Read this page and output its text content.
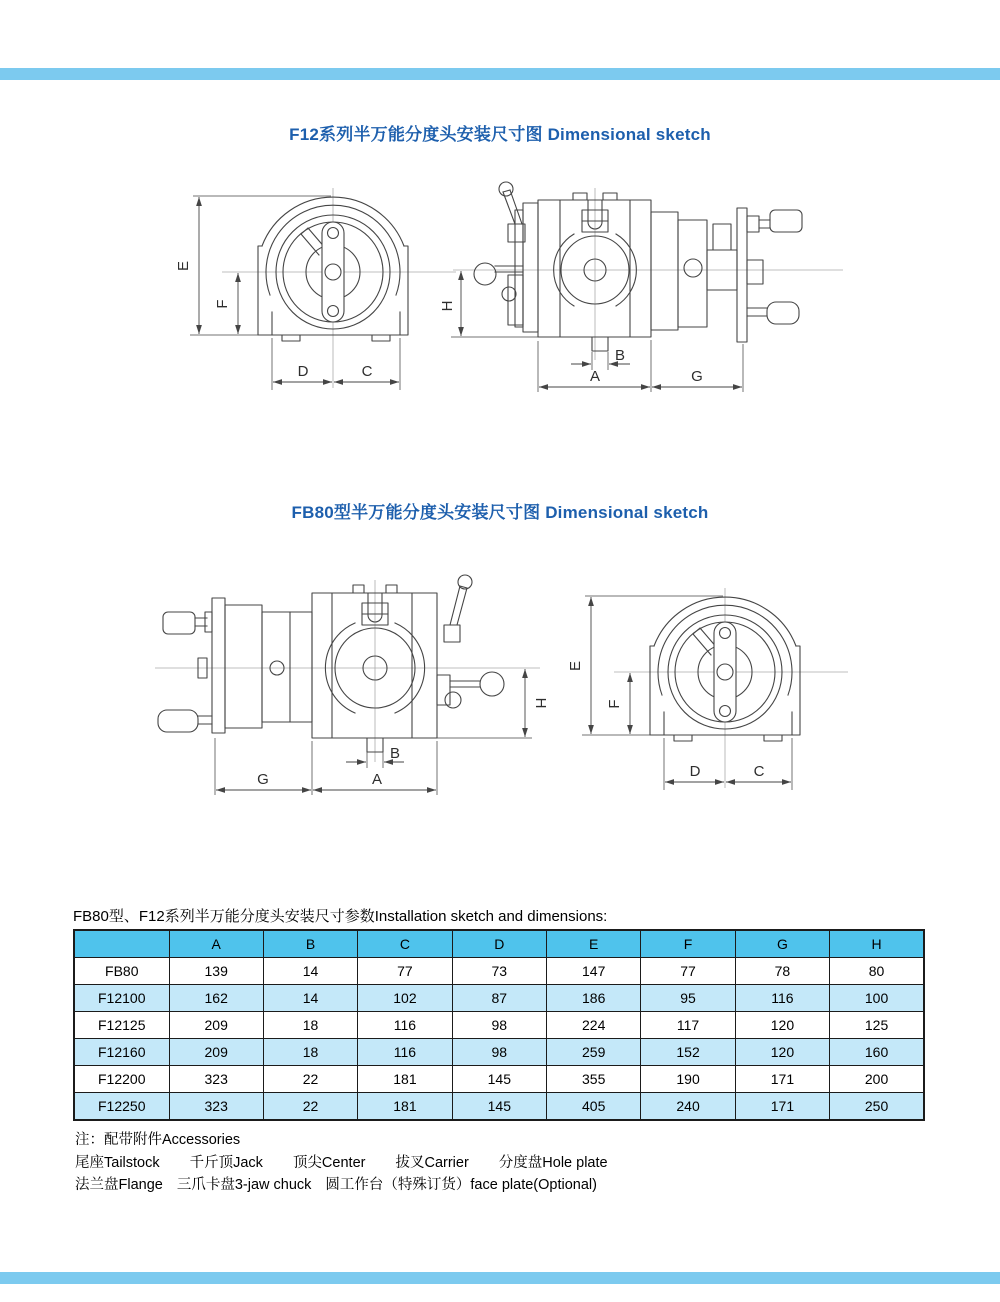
F12系列半万能分度头安装尺寸图 Dimensional sketch
E
F
D	C
H
B
A	G
FB80型半万能分度头安装尺寸图 Dimensional sketch
H
B
G	A
E
F
D	C
FB80型、F12系列半万能分度头安装尺寸参数Installation sketch and dimensions:
	A	B	C	D	E	F	G	H
FB80	139	14	77	73	147	77	78	80
F12100	162	14	102	87	186	95	116	100
F12125	209	18	116	98	224	117	120	125
F12160	209	18	116	98	259	152	120	160
F12200	323	22	181	145	355	190	171	200
F12250	323	22	181	145	405	240	171	250
注：配带附件Accessories
尾座Tailstock 千斤顶Jack 顶尖Center 拔叉Carrier 分度盘Hole plate
法兰盘Flange 三爪卡盘3-jaw chuck 圆工作台（特殊订货）face plate(Optional)
